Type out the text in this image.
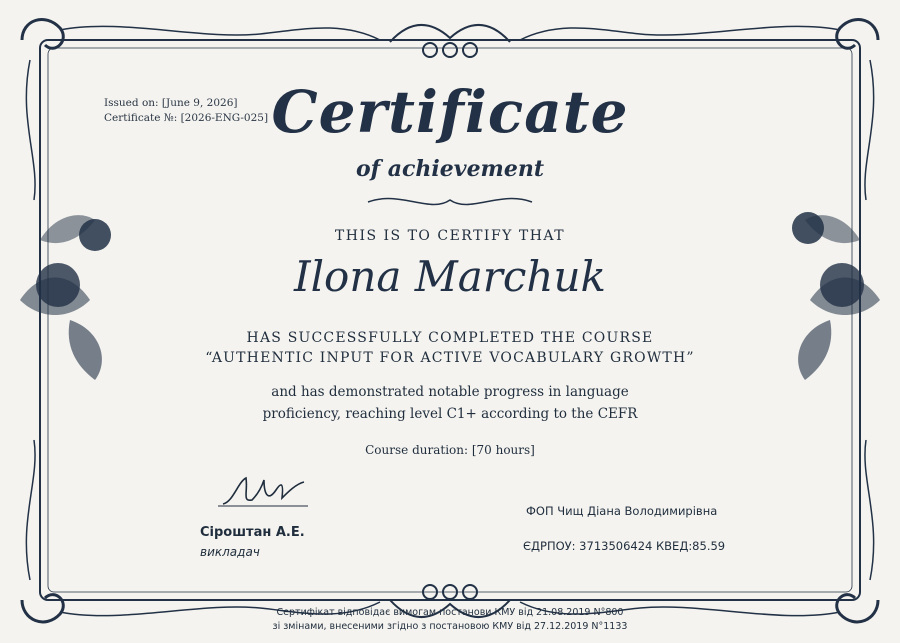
Issued on: [June 9, 2026]
Certificate №: [2026-ENG-025] Certificate
of achievement
THIS IS TO CERTIFY THAT
Ilona Marchuk
HAS SUCCESSFULLY COMPLETED THE COURSE
“AUTHENTIC INPUT FOR ACTIVE VOCABULARY GROWTH”
and has demonstrated notable progress in language
proficiency, reaching level C1+ according to the CEFR
Course duration: [70 hours]
Сіроштан А.Е.
викладач
ФОП Чищ Діана Володимирівна
ЄДРПОУ: 3713506424 КВЕД:85.59
Сертифікат відповідає вимогам постанови КМУ від 21.08.2019 N°800
зі змінами, внесеними згідно з постановою КМУ від 27.12.2019 N°1133
